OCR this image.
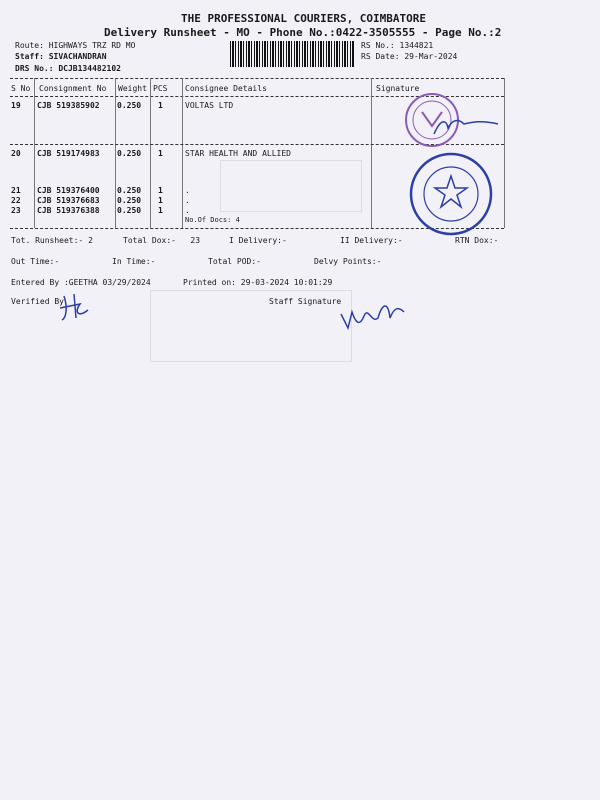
THE PROFESSIONAL COURIERS, COIMBATORE
Delivery Runsheet - MO - Phone No.:0422-3505555 - Page No.:2
Route: HIGHWAYS TRZ RD MO
Staff: SIVACHANDRAN
DRS No.: DCJB134482102
RS No.: 1344821
RS Date: 29-Mar-2024
S No Consignment No Weight PCS Consignee Details	Signature
19 CJB 519385902 0.250 1	VOLTAS LTD
20 CJB 519174983 0.250 1	STAR HEALTH AND ALLIED
21 CJB 519376400 0.250 1	.
22 CJB 519376683 0.250 1	.
23 CJB 519376388 0.250 1	.
No.Of Docs: 4
Tot. Runsheet:- 2	Total Dox:-   23	I Delivery:-	II Delivery:-	RTN Dox:-
Out Time:-	In Time:-	Total POD:-	Delvy Points:-
Entered By :GEETHA 03/29/2024	Printed on: 29-03-2024 10:01:29
Verified By	Staff Signature
